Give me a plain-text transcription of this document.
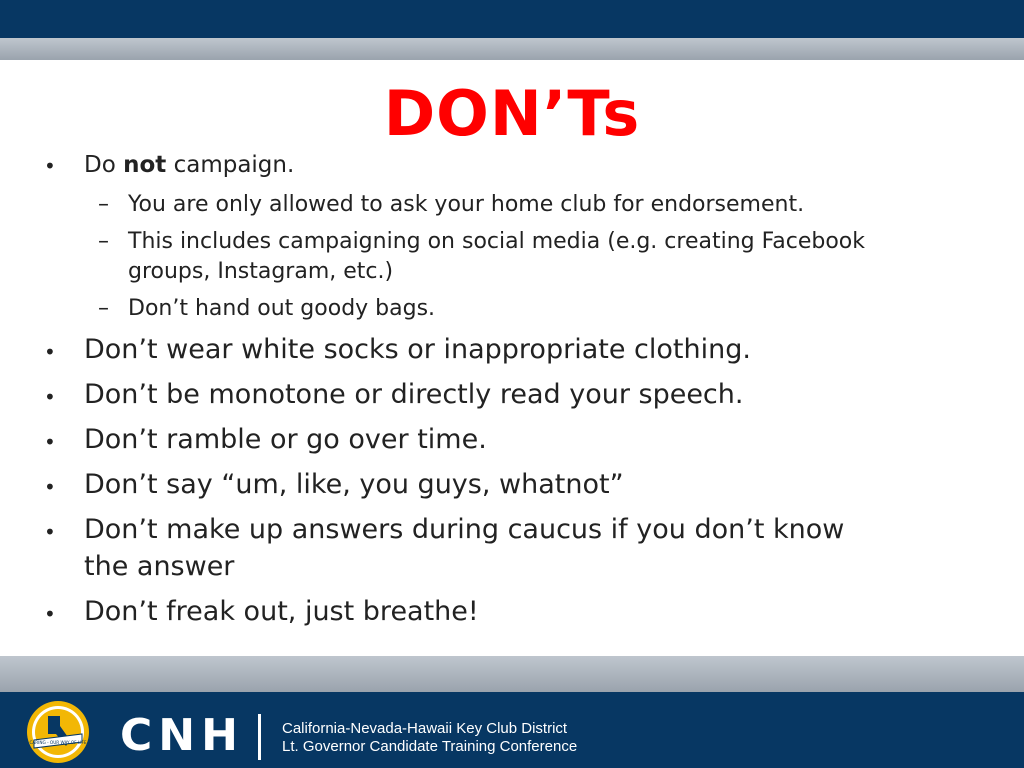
DON’Ts
• Do not campaign.

– You are only allowed to ask your home club for endorsement.

– This includes campaigning on social media (e.g. creating Facebook

groups, Instagram, etc.)

– Don’t hand out goody bags.

• Don’t wear white socks or inappropriate clothing.

• Don’t be monotone or directly read your speech.

• Don’t ramble or go over time.

• Don’t say “um, like, you guys, whatnot”

• Don’t make up answers during caucus if you don’t know

the answer

• Don’t freak out, just breathe!

CARING - OUR WAY OF LIFE CNH	California-Nevada-Hawaii Key Club District
Lt. Governor Candidate Training Conference
